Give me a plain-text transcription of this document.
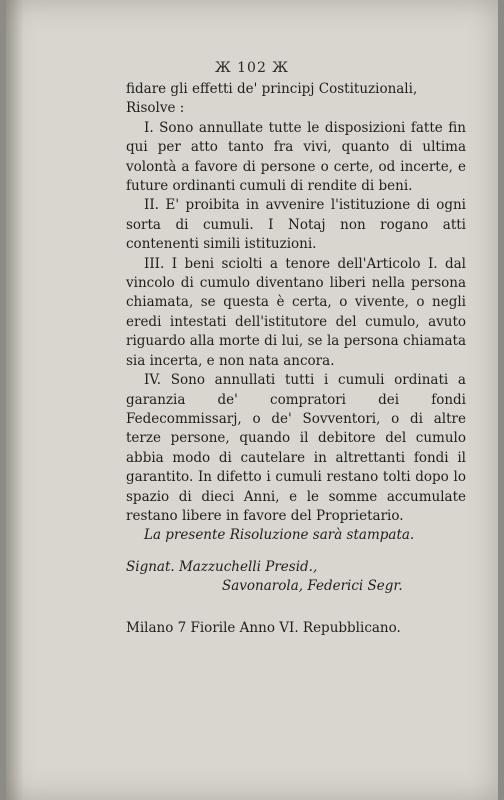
Ж 102 Ж

fidare gli effetti de' principj Costituzionali,

Risolve :

I. Sono annullate tutte le disposizioni fatte fin qui per atto tanto fra vivi, quanto di ultima volontà a favore di persone o certe, od incerte, e future ordinanti cumuli di rendite di beni.

II. E' proibita in avvenire l'istituzione di ogni sorta di cumuli. I Notaj non rogano atti contenenti simili istituzioni.

III. I beni sciolti a tenore dell'Articolo I. dal vincolo di cumulo diventano liberi nella persona chiamata, se questa è certa, o vivente, o negli eredi intestati dell'istitutore del cumulo, avuto riguardo alla morte di lui, se la persona chiamata sia incerta, e non nata ancora.

IV. Sono annullati tutti i cumuli ordinati a garanzia de' compratori dei fondi Fedecommissarj, o de' Sovventori, o di altre terze persone, quando il debitore del cumulo abbia modo di cautelare in altrettanti fondi il garantito. In difetto i cumuli restano tolti dopo lo spazio di dieci Anni, e le somme accumulate restano libere in favore del Proprietario.

La presente Risoluzione sarà stampata.

Signat. Mazzuchelli Presid.,

Savonarola, Federici Segr.

Milano 7 Fiorile Anno VI. Repubblicano.
